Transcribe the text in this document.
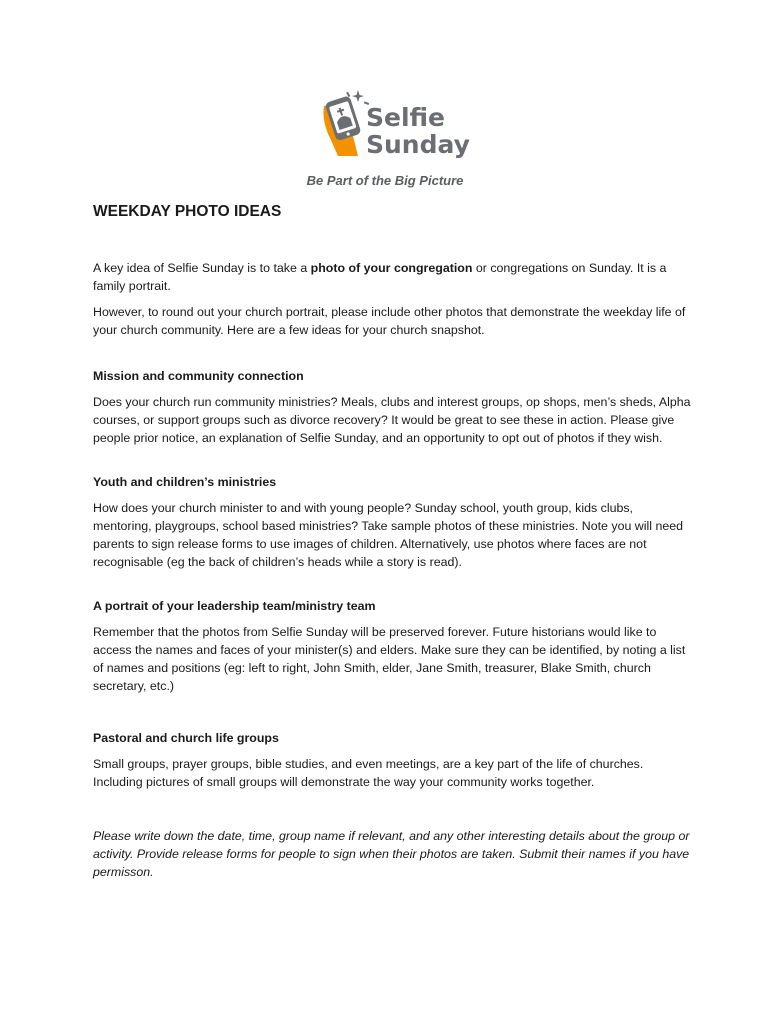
Selfie
Sunday
Be Part of the Big Picture
WEEKDAY PHOTO IDEAS

A key idea of Selfie Sunday is to take a photo of your congregation or congregations on Sunday. It is a family portrait.

However, to round out your church portrait, please include other photos that demonstrate the weekday life of your church community. Here are a few ideas for your church snapshot.

Mission and community connection

Does your church run community ministries? Meals, clubs and interest groups, op shops, men’s sheds, Alpha courses, or support groups such as divorce recovery? It would be great to see these in action. Please give people prior notice, an explanation of Selfie Sunday, and an opportunity to opt out of photos if they wish.

Youth and children’s ministries

How does your church minister to and with young people? Sunday school, youth group, kids clubs, mentoring, playgroups, school based ministries? Take sample photos of these ministries. Note you will need parents to sign release forms to use images of children. Alternatively, use photos where faces are not recognisable (eg the back of children’s heads while a story is read).

A portrait of your leadership team/ministry team

Remember that the photos from Selfie Sunday will be preserved forever. Future historians would like to access the names and faces of your minister(s) and elders. Make sure they can be identified, by noting a list of names and positions (eg: left to right, John Smith, elder, Jane Smith, treasurer, Blake Smith, church secretary, etc.)

Pastoral and church life groups

Small groups, prayer groups, bible studies, and even meetings, are a key part of the life of churches. Including pictures of small groups will demonstrate the way your community works together.

Please write down the date, time, group name if relevant, and any other interesting details about the group or activity. Provide release forms for people to sign when their photos are taken. Submit their names if you have permisson.
